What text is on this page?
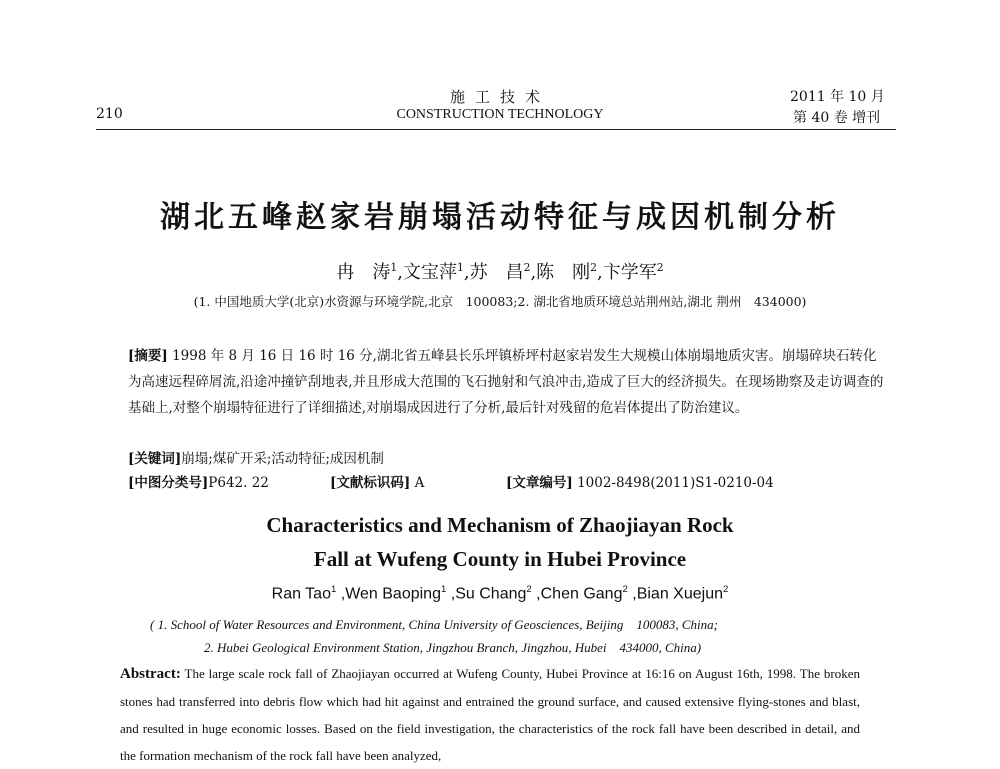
施工技术
CONSTRUCTION TECHNOLOGY
210
2011 年 10 月
第 40 卷 增刊
湖北五峰赵家岩崩塌活动特征与成因机制分析
冉　涛$^1$,文宝萍$^1$,苏　昌$^2$,陈　刚$^2$,卞学军$^2$
(1. 中国地质大学(北京)水资源与环境学院,北京　100083;2. 湖北省地质环境总站荆州站,湖北 荆州　434000)
[摘要] 1998 年 8 月 16 日 16 时 16 分,湖北省五峰县长乐坪镇桥坪村赵家岩发生大规模山体崩塌地质灾害。崩塌碎块石转化为高速远程碎屑流,沿途冲撞铲刮地表,并且形成大范围的飞石抛射和气浪冲击,造成了巨大的经济损失。在现场勘察及走访调查的基础上,对整个崩塌特征进行了详细描述,对崩塌成因进行了分析,最后针对残留的危岩体提出了防治建议。
[关键词]崩塌;煤矿开采;活动特征;成因机制
[中图分类号]P642. 22	[文献标识码] A	[文章编号] 1002-8498(2011)S1-0210-04
Characteristics and Mechanism of Zhaojiayan Rock
Fall at Wufeng County in Hubei Province
Ran Tao$^1$ ,Wen Baoping$^1$ ,Su Chang$^2$ ,Chen Gang$^2$ ,Bian Xuejun$^2$
( 1. School of Water Resources and Environment, China University of Geosciences, Beijing　100083, China;
2. Hubei Geological Environment Station, Jingzhou Branch, Jingzhou, Hubei　434000, China)
Abstract: The large scale rock fall of Zhaojiayan occurred at Wufeng County, Hubei Province at 16:16 on August 16th, 1998. The broken stones had transferred into debris flow which had hit against and entrained the ground surface, and caused extensive flying-stones and blast, and resulted in huge economic losses. Based on the field investigation, the characteristics of the rock fall have been described in detail, and the formation mechanism of the rock fall have been analyzed,
